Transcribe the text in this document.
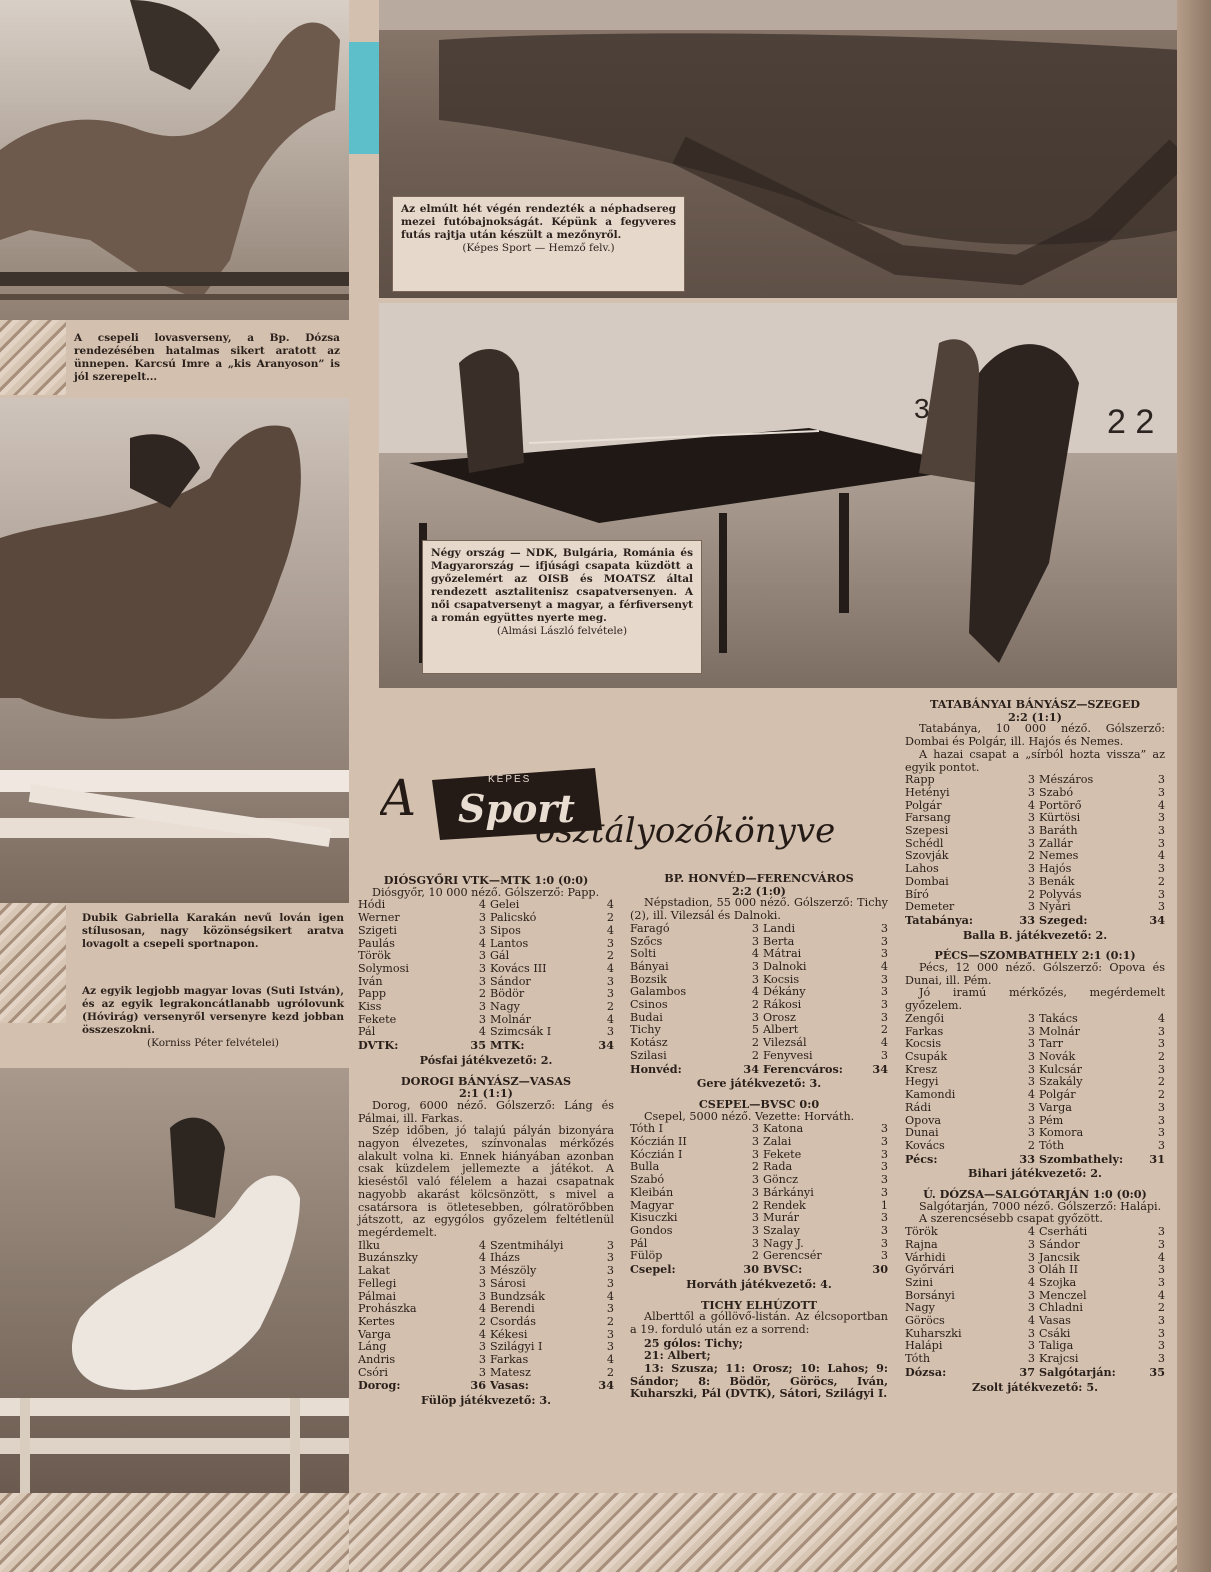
A csepeli lovasverseny, a Bp. Dózsa rendezésében hatalmas sikert aratott az ünnepen. Karcsú Imre a „kis Aranyoson” is jól szerepelt...
Dubik Gabriella Karakán nevű lován igen stílusosan, nagy közönségsikert aratva lovagolt a csepeli sportnapon.
Az egyik legjobb magyar lovas (Suti István), és az egyik legrakoncátlanabb ugrólovunk (Hóvirág) versenyről versenyre kezd jobban összeszokni.
(Korniss Péter felvételei)
Az elmúlt hét végén rendezték a néphadsereg mezei futóbajnokságát. Képünk a fegyveres futás rajtja után készült a mezőnyről.
(Képes Sport — Hemző felv.)
3	2 2
Négy ország — NDK, Bulgária, Románia és Magyarország — ifjúsági csapata küzdött a győzelemért az OISB és MOATSZ által rendezett asztalitenisz csapatversenyen. A női csapatversenyt a magyar, a férfiversenyt a román együttes nyerte meg.
(Almási László felvétele)
A	KÉPES
Sport
osztályozókönyve

DIÓSGYŐRI VTK—MTK 1:0 (0:0)

Diósgyőr, 10 000 néző. Gólszerző: Papp.

Hódi	4 Gelei	4
Werner	3 Palicskó	2
Szigeti	3 Sipos	4
Paulás	4 Lantos	3
Török	3 Gál	2
Solymosi	3 Kovács III	4
Iván	3 Sándor	3
Papp	2 Bödör	3
Kiss	3 Nagy	2
Fekete	3 Molnár	4
Pál	4 Szimcsák I	3
DVTK:	35 MTK:	34

Pósfai játékvezető: 2.

DOROGI BÁNYÁSZ—VASAS

2:1 (1:1)

Dorog, 6000 néző. Gólszerző: Láng és Pálmai, ill. Farkas.

Szép időben, jó talajú pályán bizonyára nagyon élvezetes, színvonalas mérkőzés alakult volna ki. Ennek hiányában azonban csak küzdelem jellemezte a játékot. A kieséstől való félelem a hazai csapatnak nagyobb akarást kölcsönzött, s mivel a csatársora is ötletesebben, gólratörőbben játszott, az egygólos győzelem feltétlenül megérdemelt.

Ilku	4 Szentmihályi	3
Buzánszky	4 Iházs	3
Lakat	3 Mészöly	3
Fellegi	3 Sárosi	3
Pálmai	3 Bundzsák	4
Prohászka	4 Berendi	3
Kertes	2 Csordás	2
Varga	4 Kékesi	3
Láng	3 Szilágyi I	3
Andris	3 Farkas	4
Csóri	3 Matesz	2
Dorog:	36 Vasas:	34

Fülöp játékvezető: 3.

BP. HONVÉD—FERENCVÁROS

2:2 (1:0)

Népstadion, 55 000 néző. Gólszerző: Tichy (2), ill. Vilezsál és Dalnoki.

Faragó	3 Landi	3
Szőcs	3 Berta	3
Solti	4 Mátrai	3
Bányai	3 Dalnoki	4
Bozsik	3 Kocsis	3
Galambos	4 Dékány	3
Csinos	2 Rákosi	3
Budai	3 Orosz	3
Tichy	5 Albert	2
Kotász	2 Vilezsál	4
Szilasi	2 Fenyvesi	3
Honvéd:	34 Ferencváros:	34

Gere játékvezető: 3.

CSEPEL—BVSC 0:0

Csepel, 5000 néző. Vezette: Horváth.

Tóth I	3 Katona	3
Kóczián II	3 Zalai	3
Kóczián I	3 Fekete	3
Bulla	2 Rada	3
Szabó	3 Göncz	3
Kleibán	3 Bárkányi	3
Magyar	2 Rendek	1
Kisuczki	3 Murár	3
Gondos	3 Szalay	3
Pál	3 Nagy J.	3
Fülöp	2 Gerencsér	3
Csepel:	30 BVSC:	30

Horváth játékvezető: 4.

TICHY ELHÚZOTT

Alberttől a góllövő-listán. Az élcsoportban a 19. forduló után ez a sorrend:

25 gólos: Tichy;

21: Albert;

13: Szusza; 11: Orosz; 10: Lahos; 9: Sándor; 8: Bödör, Göröcs, Iván, Kuharszki, Pál (DVTK), Sátori, Szilágyi I.

TATABÁNYAI BÁNYÁSZ—SZEGED

2:2 (1:1)

Tatabánya, 10 000 néző. Gólszerző: Dombai és Polgár, ill. Hajós és Nemes.

A hazai csapat a „sírból hozta vissza” az egyik pontot.

Rapp	3 Mészáros	3
Hetényi	3 Szabó	3
Polgár	4 Portörő	4
Farsang	3 Kürtösi	3
Szepesi	3 Baráth	3
Schédl	3 Zallár	3
Szovják	2 Nemes	4
Lahos	3 Hajós	3
Dombai	3 Benák	2
Bíró	2 Polyvás	3
Demeter	3 Nyári	3
Tatabánya:	33 Szeged:	34

Balla B. játékvezető: 2.

PÉCS—SZOMBATHELY 2:1 (0:1)

Pécs, 12 000 néző. Gólszerző: Opova és Dunai, ill. Pém.

Jó iramú mérkőzés, megérdemelt győzelem.

Zengői	3 Takács	4
Farkas	3 Molnár	3
Kocsis	3 Tarr	3
Csupák	3 Novák	2
Kresz	3 Kulcsár	3
Hegyi	3 Szakály	2
Kamondi	4 Polgár	2
Rádi	3 Varga	3
Opova	3 Pém	3
Dunai	3 Komora	3
Kovács	2 Tóth	3
Pécs:	33 Szombathely:	31

Bihari játékvezető: 2.

Ú. DÓZSA—SALGÓTARJÁN 1:0 (0:0)

Salgótarján, 7000 néző. Gólszerző: Halápi.

A szerencsésebb csapat győzött.

Török	4 Cserháti	3
Rajna	3 Sándor	3
Várhidi	3 Jancsik	4
Győrvári	3 Oláh II	3
Szini	4 Szojka	3
Borsányi	3 Menczel	4
Nagy	3 Chladni	2
Göröcs	4 Vasas	3
Kuharszki	3 Csáki	3
Halápi	3 Taliga	3
Tóth	3 Krajcsi	3
Dózsa:	37 Salgótarján:	35

Zsolt játékvezető: 5.
